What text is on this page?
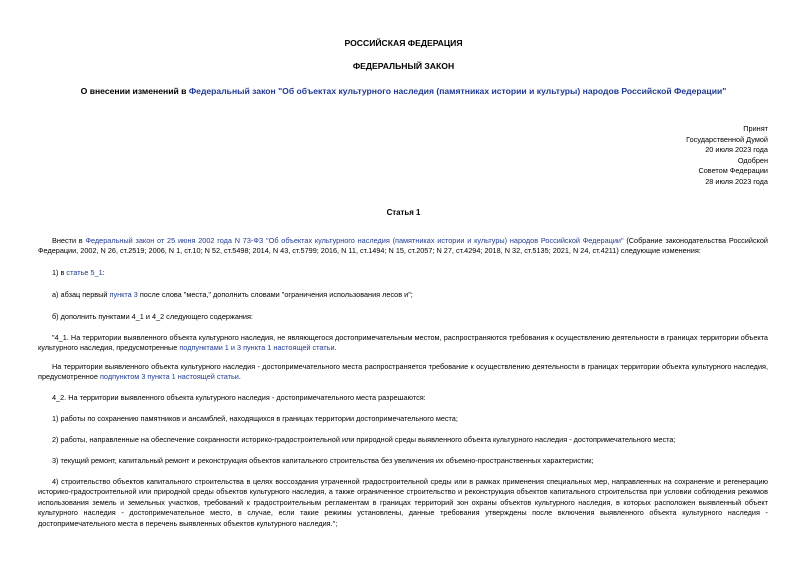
РОССИЙСКАЯ ФЕДЕРАЦИЯ
ФЕДЕРАЛЬНЫЙ ЗАКОН
О внесении изменений в Федеральный закон "Об объектах культурного наследия (памятниках истории и культуры) народов Российской Федерации"
Принят
Государственной Думой
20 июля 2023 года
Одобрен
Советом Федерации
28 июля 2023 года
Статья 1
Внести в Федеральный закон от 25 июня 2002 года N 73-ФЗ "Об объектах культурного наследия (памятниках истории и культуры) народов Российской Федерации" (Собрание законодательства Российской Федерации, 2002, N 26, ст.2519; 2006, N 1, ст.10; N 52, ст.5498; 2014, N 43, ст.5799; 2016, N 11, ст.1494; N 15, ст.2057; N 27, ст.4294; 2018, N 32, ст.5135; 2021, N 24, ст.4211) следующие изменения:
1) в статье 5_1:
а) абзац первый пункта 3 после слова "места," дополнить словами "ограничения использования лесов и";
б) дополнить пунктами 4_1 и 4_2 следующего содержания:
"4_1. На территории выявленного объекта культурного наследия, не являющегося достопримечательным местом, распространяются требования к осуществлению деятельности в границах территории объекта культурного наследия, предусмотренные подпунктами 1 и 3 пункта 1 настоящей статьи.
На территории выявленного объекта культурного наследия - достопримечательного места распространяется требование к осуществлению деятельности в границах территории объекта культурного наследия, предусмотренное подпунктом 3 пункта 1 настоящей статьи.
4_2. На территории выявленного объекта культурного наследия - достопримечательного места разрешаются:
1) работы по сохранению памятников и ансамблей, находящихся в границах территории достопримечательного места;
2) работы, направленные на обеспечение сохранности историко-градостроительной или природной среды выявленного объекта культурного наследия - достопримечательного места;
3) текущий ремонт, капитальный ремонт и реконструкция объектов капитального строительства без увеличения их объемно-пространственных характеристик;
4) строительство объектов капитального строительства в целях воссоздания утраченной градостроительной среды или в рамках применения специальных мер, направленных на сохранение и регенерацию историко-градостроительной или природной среды объектов культурного наследия, а также ограниченное строительство и реконструкция объектов капитального строительства при условии соблюдения режимов использования земель и земельных участков, требований к градостроительным регламентам в границах территорий зон охраны объектов культурного наследия, в которых расположен выявленный объект культурного наследия - достопримечательное место, в случае, если такие режимы установлены, данные требования утверждены после включения выявленного объекта культурного наследия - достопримечательного места в перечень выявленных объектов культурного наследия.";
